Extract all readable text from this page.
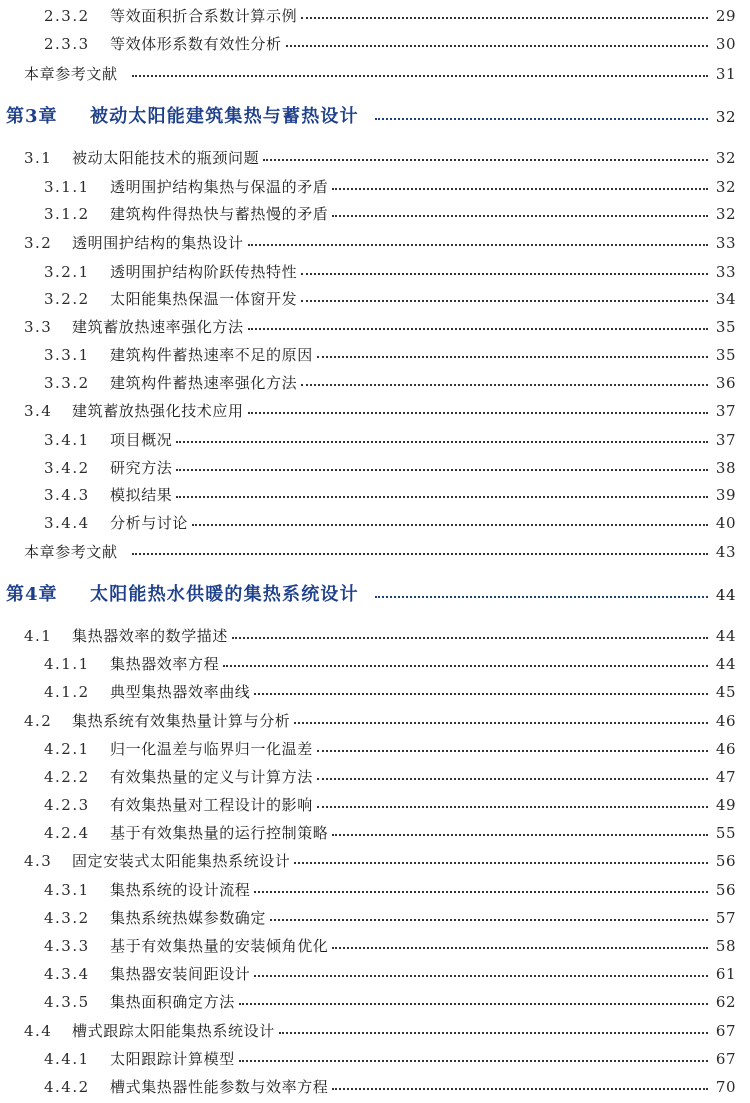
2.3.2	等效面积折合系数计算示例	29
2.3.3	等效体形系数有效性分析	30
本章参考文献	31
第3章	被动太阳能建筑集热与蓄热设计	32
3.1	被动太阳能技术的瓶颈问题	32
3.1.1	透明围护结构集热与保温的矛盾	32
3.1.2	建筑构件得热快与蓄热慢的矛盾	32
3.2	透明围护结构的集热设计	33
3.2.1	透明围护结构阶跃传热特性	33
3.2.2	太阳能集热保温一体窗开发	34
3.3	建筑蓄放热速率强化方法	35
3.3.1	建筑构件蓄热速率不足的原因	35
3.3.2	建筑构件蓄热速率强化方法	36
3.4	建筑蓄放热强化技术应用	37
3.4.1	项目概况	37
3.4.2	研究方法	38
3.4.3	模拟结果	39
3.4.4	分析与讨论	40
本章参考文献	43
第4章	太阳能热水供暖的集热系统设计	44
4.1	集热器效率的数学描述	44
4.1.1	集热器效率方程	44
4.1.2	典型集热器效率曲线	45
4.2	集热系统有效集热量计算与分析	46
4.2.1	归一化温差与临界归一化温差	46
4.2.2	有效集热量的定义与计算方法	47
4.2.3	有效集热量对工程设计的影响	49
4.2.4	基于有效集热量的运行控制策略	55
4.3	固定安装式太阳能集热系统设计	56
4.3.1	集热系统的设计流程	56
4.3.2	集热系统热媒参数确定	57
4.3.3	基于有效集热量的安装倾角优化	58
4.3.4	集热器安装间距设计	61
4.3.5	集热面积确定方法	62
4.4	槽式跟踪太阳能集热系统设计	67
4.4.1	太阳跟踪计算模型	67
4.4.2	槽式集热器性能参数与效率方程	70
